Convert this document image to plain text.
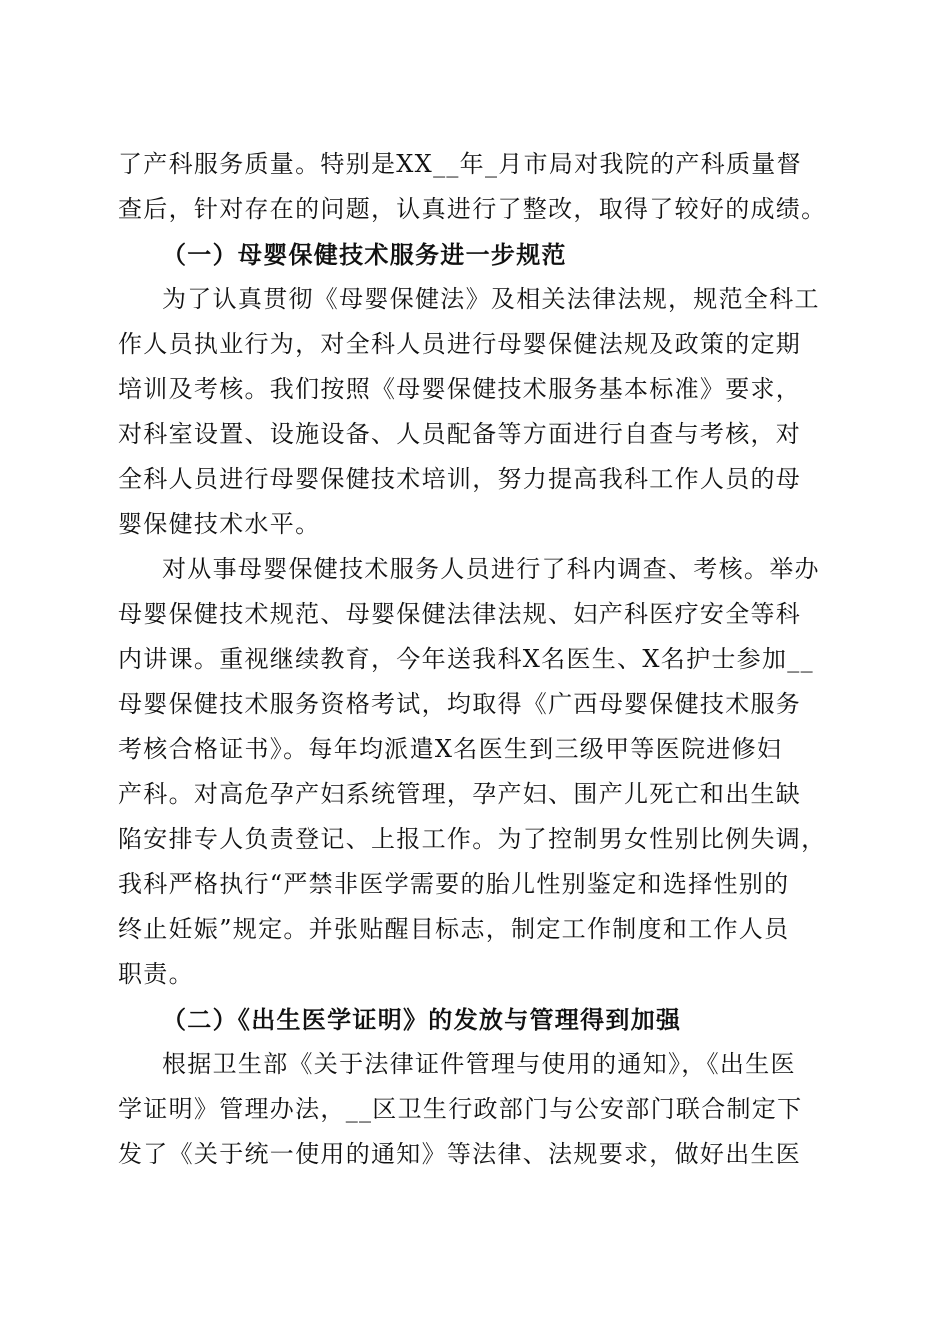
了产科服务质量。特别是XX__年_月市局对我院的产科质量督
查后，针对存在的问题，认真进行了整改，取得了较好的成绩。
（一）母婴保健技术服务进一步规范
为了认真贯彻《母婴保健法》及相关法律法规，规范全科工
作人员执业行为，对全科人员进行母婴保健法规及政策的定期
培训及考核。我们按照《母婴保健技术服务基本标准》要求，
对科室设置、设施设备、人员配备等方面进行自查与考核，对
全科人员进行母婴保健技术培训，努力提高我科工作人员的母
婴保健技术水平。
对从事母婴保健技术服务人员进行了科内调查、考核。举办
母婴保健技术规范、母婴保健法律法规、妇产科医疗安全等科
内讲课。重视继续教育，今年送我科X名医生、X名护士参加__
母婴保健技术服务资格考试，均取得《广西母婴保健技术服务
考核合格证书》。每年均派遣X名医生到三级甲等医院进修妇
产科。对高危孕产妇系统管理，孕产妇、围产儿死亡和出生缺
陷安排专人负责登记、上报工作。为了控制男女性别比例失调，
我科严格执行“严禁非医学需要的胎儿性别鉴定和选择性别的
终止妊娠”规定。并张贴醒目标志，制定工作制度和工作人员
职责。
（二）《出生医学证明》的发放与管理得到加强
根据卫生部《关于法律证件管理与使用的通知》，《出生医
学证明》管理办法，__区卫生行政部门与公安部门联合制定下
发了《关于统一使用的通知》等法律、法规要求，做好出生医
